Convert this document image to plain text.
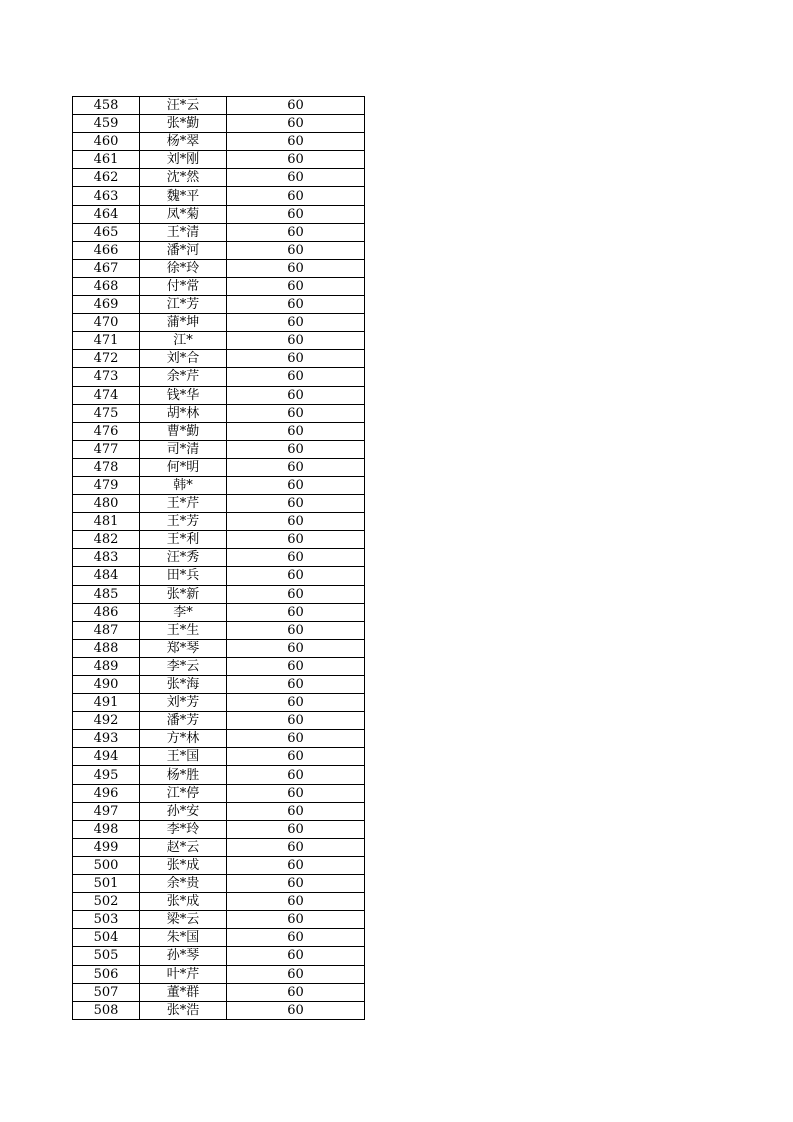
458	汪*云	60
459	张*勤	60
460	杨*翠	60
461	刘*刚	60
462	沈*然	60
463	魏*平	60
464	凤*菊	60
465	王*清	60
466	潘*河	60
467	徐*玲	60
468	付*常	60
469	江*芳	60
470	蒲*坤	60
471	江*	60
472	刘*合	60
473	余*芹	60
474	钱*华	60
475	胡*林	60
476	曹*勤	60
477	司*清	60
478	何*明	60
479	韩*	60
480	王*芹	60
481	王*芳	60
482	王*利	60
483	汪*秀	60
484	田*兵	60
485	张*新	60
486	李*	60
487	王*生	60
488	郑*琴	60
489	李*云	60
490	张*海	60
491	刘*芳	60
492	潘*芳	60
493	方*林	60
494	王*国	60
495	杨*胜	60
496	江*停	60
497	孙*安	60
498	李*玲	60
499	赵*云	60
500	张*成	60
501	余*贵	60
502	张*成	60
503	梁*云	60
504	朱*国	60
505	孙*琴	60
506	叶*芹	60
507	董*群	60
508	张*浩	60
